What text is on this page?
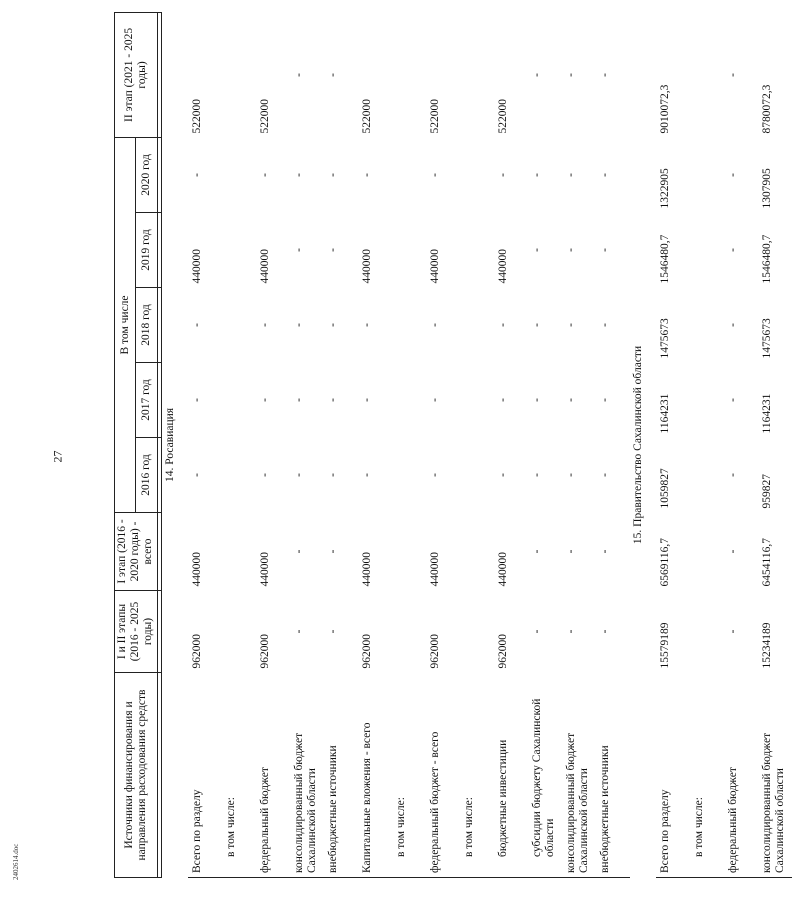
27
2402614.doc
Источники финансирования и направления расходования средств	I и II этапы (2016 - 2025 годы)	I этап (2016 - 2020 годы) - всего	В том числе					II этап (2021 - 2025 годы)
			2016 год	2017 год	2018 год	2019 год	2020 год	

14. Росавиация								
Всего по разделу	962000	440000	-	-	-	440000	-	522000
в том числе:								
федеральный бюджет	962000	440000	-	-	-	440000	-	522000
консолидированный бюджет Сахалинской области	-	-	-	-	-	-	-	-
внебюджетные источники	-	-	-	-	-	-	-	-
Капитальные вложения - всего	962000	440000	-	-	-	440000	-	522000
в том числе:								
федеральный бюджет - всего	962000	440000	-	-	-	440000	-	522000
в том числе:								
бюджетные инвестиции	962000	440000	-	-	-	440000	-	522000
субсидии бюджету Сахалинской области	-	-	-	-	-	-	-	-
консолидированный бюджет Сахалинской области	-	-	-	-	-	-	-	-
внебюджетные источники	-	-	-	-	-	-	-	-
15. Правительство Сахалинской области								
Всего по разделу	15579189	6569116,7	1059827	1164231	1475673	1546480,7	1322905	9010072,3
в том числе:								
федеральный бюджет	-	-	-	-	-	-	-	-
консолидированный бюджет Сахалинской области	15234189	6454116,7	959827	1164231	1475673	1546480,7	1307905	8780072,3
